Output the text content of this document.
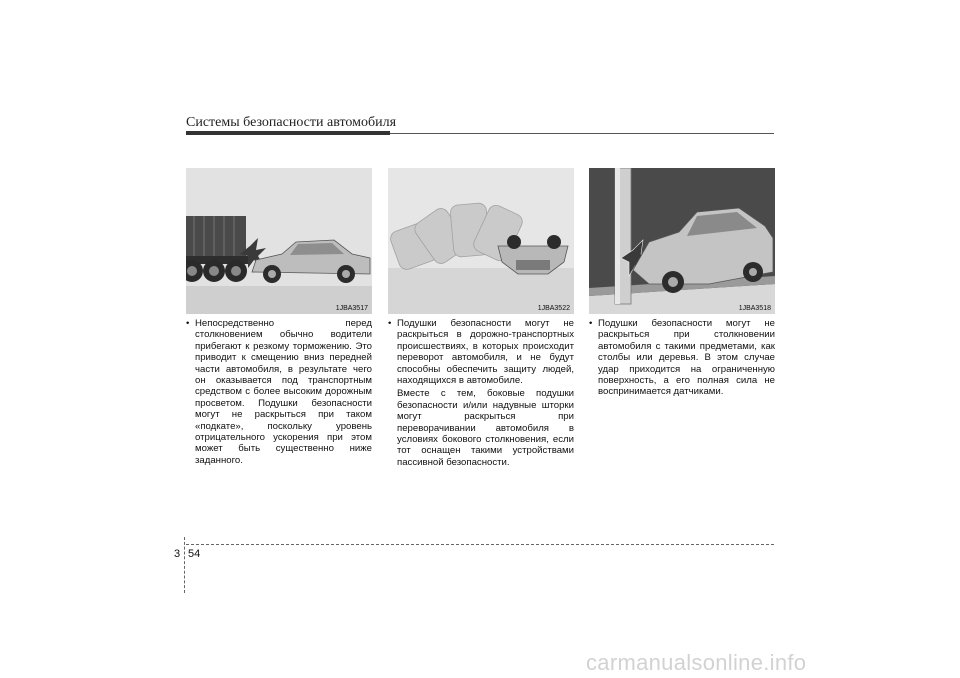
Системы безопасности автомобиля
1JBA3517

• Непосредственно перед столкновением обычно водители прибегают к резкому торможению. Это приводит к смещению вниз передней части автомобиля, в результате чего он оказывается под транспортным средством с более высоким дорожным просветом. Подушки безопасности могут не раскрыться при таком «подкате», поскольку уровень отрицательного ускорения при этом может быть существенно ниже заданного.

1JBA3522

• Подушки безопасности могут не раскрыться в дорожно-транспортных происшествиях, в которых происходит переворот автомобиля, и не будут способны обеспечить защиту людей, находящихся в автомобиле.

Вместе с тем, боковые подушки безопасности и/или надувные шторки могут раскрыться при переворачивании автомобиля в условиях бокового столкновения, если тот оснащен такими устройствами пассивной безопасности.

1JBA3518

• Подушки безопасности могут не раскрыться при столкновении автомобиля с такими предметами, как столбы или деревья. В этом случае удар приходится на ограниченную поверхность, а его полная сила не воспринимается датчиками.

3 54
carmanualsonline.info
